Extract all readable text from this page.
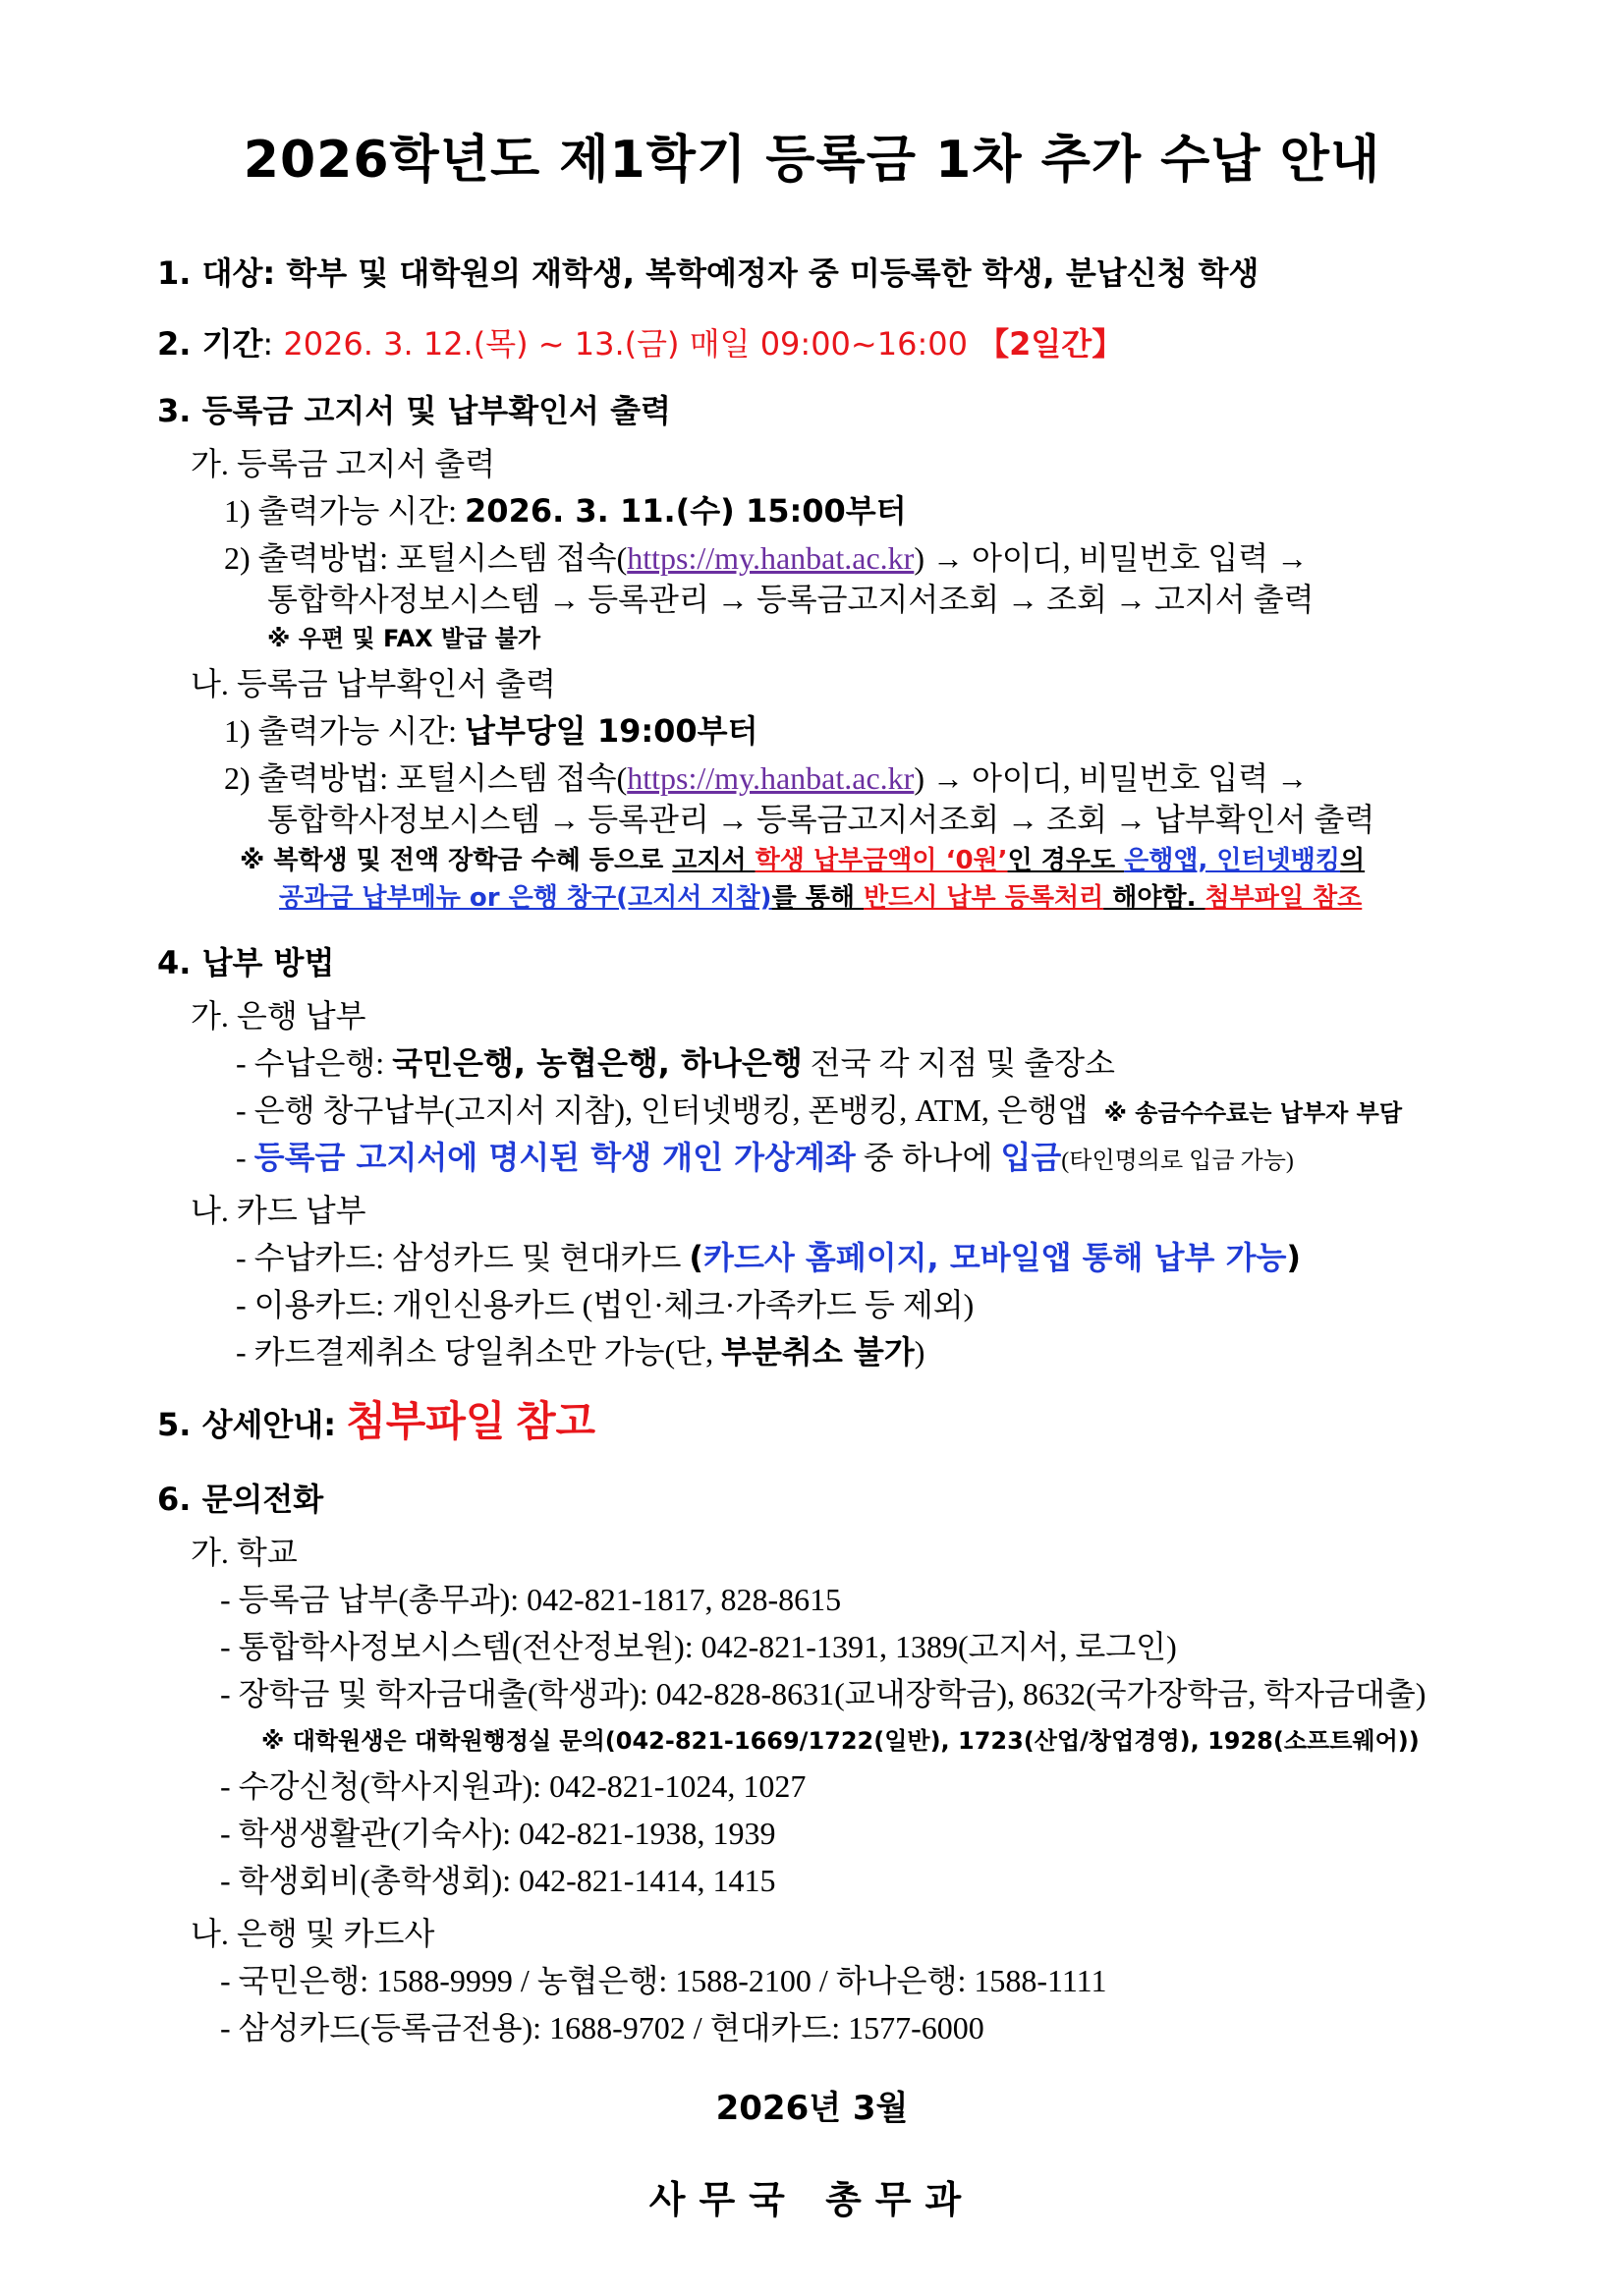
2026학년도 제1학기 등록금 1차 추가 수납 안내
1. 대상: 학부 및 대학원의 재학생, 복학예정자 중 미등록한 학생, 분납신청 학생
2. 기간: 2026. 3. 12.(목) ~ 13.(금) 매일 09:00~16:00 【2일간】
3. 등록금 고지서 및 납부확인서 출력
가. 등록금 고지서 출력
1) 출력가능 시간: 2026. 3. 11.(수) 15:00부터
2) 출력방법: 포털시스템 접속(https://my.hanbat.ac.kr) → 아이디, 비밀번호 입력 →
통합학사정보시스템 → 등록관리 → 등록금고지서조회 → 조회 → 고지서 출력
※ 우편 및 FAX 발급 불가
나. 등록금 납부확인서 출력
1) 출력가능 시간: 납부당일 19:00부터
2) 출력방법: 포털시스템 접속(https://my.hanbat.ac.kr) → 아이디, 비밀번호 입력 →
통합학사정보시스템 → 등록관리 → 등록금고지서조회 → 조회 → 납부확인서 출력
※ 복학생 및 전액 장학금 수혜 등으로 고지서 학생 납부금액이 ‘0원’인 경우도 은행앱, 인터넷뱅킹의
공과금 납부메뉴 or 은행 창구(고지서 지참)를 통해 반드시 납부 등록처리 해야함. 첨부파일 참조
4. 납부 방법
가. 은행 납부
- 수납은행: 국민은행, 농협은행, 하나은행 전국 각 지점 및 출장소
- 은행 창구납부(고지서 지참), 인터넷뱅킹, 폰뱅킹, ATM, 은행앱 ※ 송금수수료는 납부자 부담
- 등록금 고지서에 명시된 학생 개인 가상계좌 중 하나에 입금(타인명의로 입금 가능)
나. 카드 납부
- 수납카드: 삼성카드 및 현대카드 (카드사 홈페이지, 모바일앱 통해 납부 가능)
- 이용카드: 개인신용카드 (법인·체크·가족카드 등 제외)
- 카드결제취소 당일취소만 가능(단, 부분취소 불가)
5. 상세안내: 첨부파일 참고
6. 문의전화
가. 학교
- 등록금 납부(총무과): 042-821-1817, 828-8615
- 통합학사정보시스템(전산정보원): 042-821-1391, 1389(고지서, 로그인)
- 장학금 및 학자금대출(학생과): 042-828-8631(교내장학금), 8632(국가장학금, 학자금대출)
※ 대학원생은 대학원행정실 문의(042-821-1669/1722(일반), 1723(산업/창업경영), 1928(소프트웨어))
- 수강신청(학사지원과): 042-821-1024, 1027
- 학생생활관(기숙사): 042-821-1938, 1939
- 학생회비(총학생회): 042-821-1414, 1415
나. 은행 및 카드사
- 국민은행: 1588-9999 / 농협은행: 1588-2100 / 하나은행: 1588-1111
- 삼성카드(등록금전용): 1688-9702 / 현대카드: 1577-6000
2026년 3월
사무국 총무과
